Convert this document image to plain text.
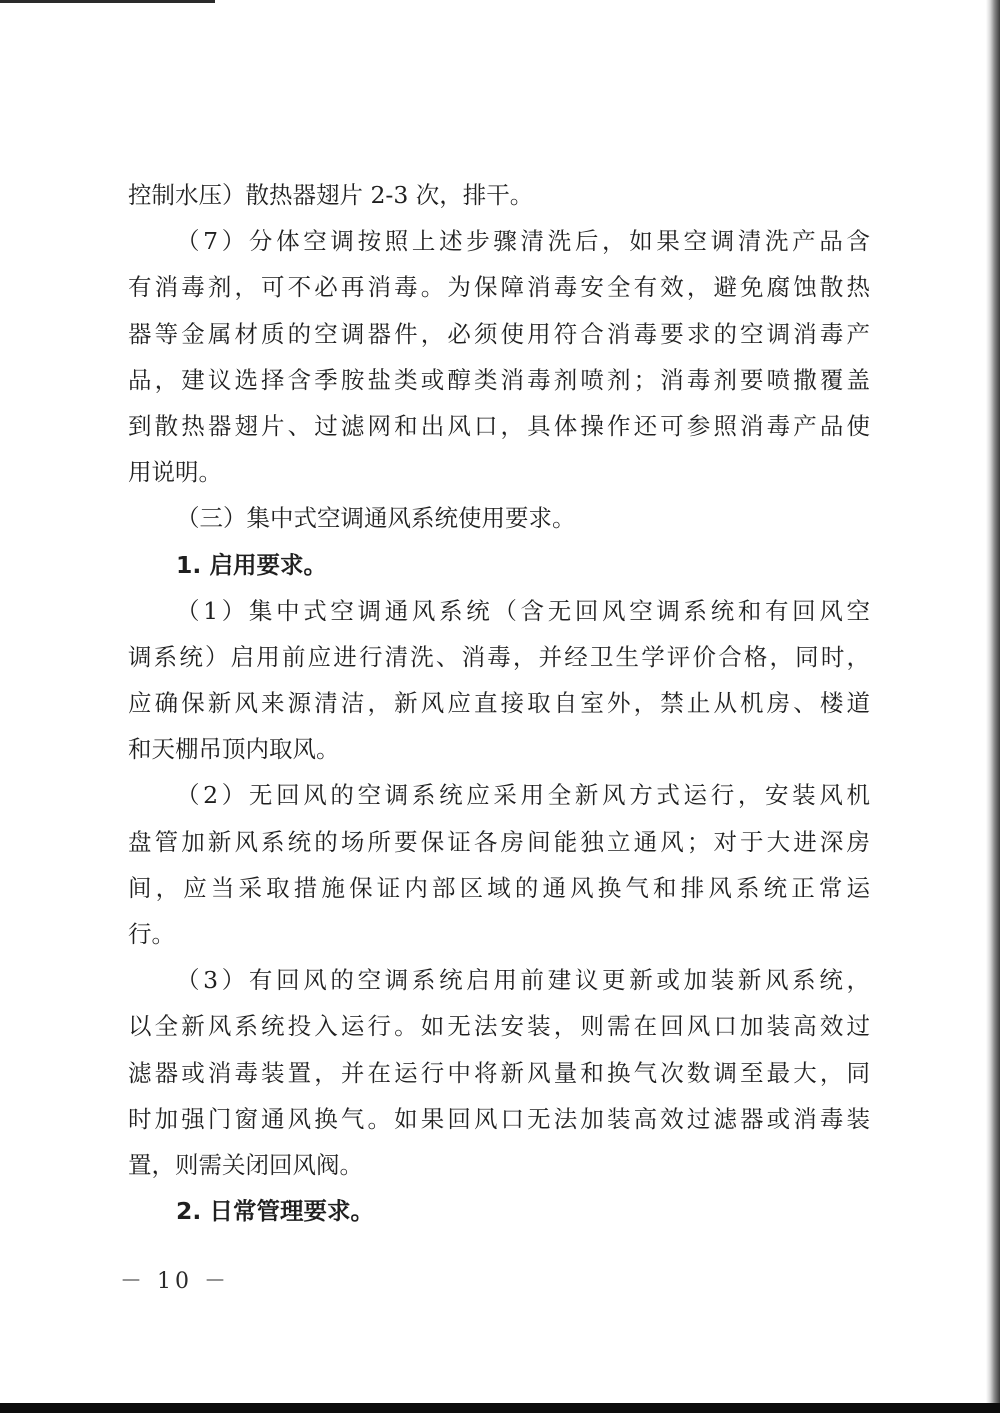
控制水压）散热器翅片 2-3 次，排干。
（7）分体空调按照上述步骤清洗后，如果空调清洗产品含
有消毒剂，可不必再消毒。为保障消毒安全有效，避免腐蚀散热
器等金属材质的空调器件，必须使用符合消毒要求的空调消毒产
品，建议选择含季胺盐类或醇类消毒剂喷剂；消毒剂要喷撒覆盖
到散热器翅片、过滤网和出风口，具体操作还可参照消毒产品使
用说明。
（三）集中式空调通风系统使用要求。
1. 启用要求。
（1）集中式空调通风系统（含无回风空调系统和有回风空
调系统）启用前应进行清洗、消毒，并经卫生学评价合格，同时，
应确保新风来源清洁，新风应直接取自室外，禁止从机房、楼道
和天棚吊顶内取风。
（2）无回风的空调系统应采用全新风方式运行，安装风机
盘管加新风系统的场所要保证各房间能独立通风；对于大进深房
间，应当采取措施保证内部区域的通风换气和排风系统正常运
行。
（3）有回风的空调系统启用前建议更新或加装新风系统，
以全新风系统投入运行。如无法安装，则需在回风口加装高效过
滤器或消毒装置，并在运行中将新风量和换气次数调至最大，同
时加强门窗通风换气。如果回风口无法加装高效过滤器或消毒装
置，则需关闭回风阀。
2. 日常管理要求。
－ 10 －
